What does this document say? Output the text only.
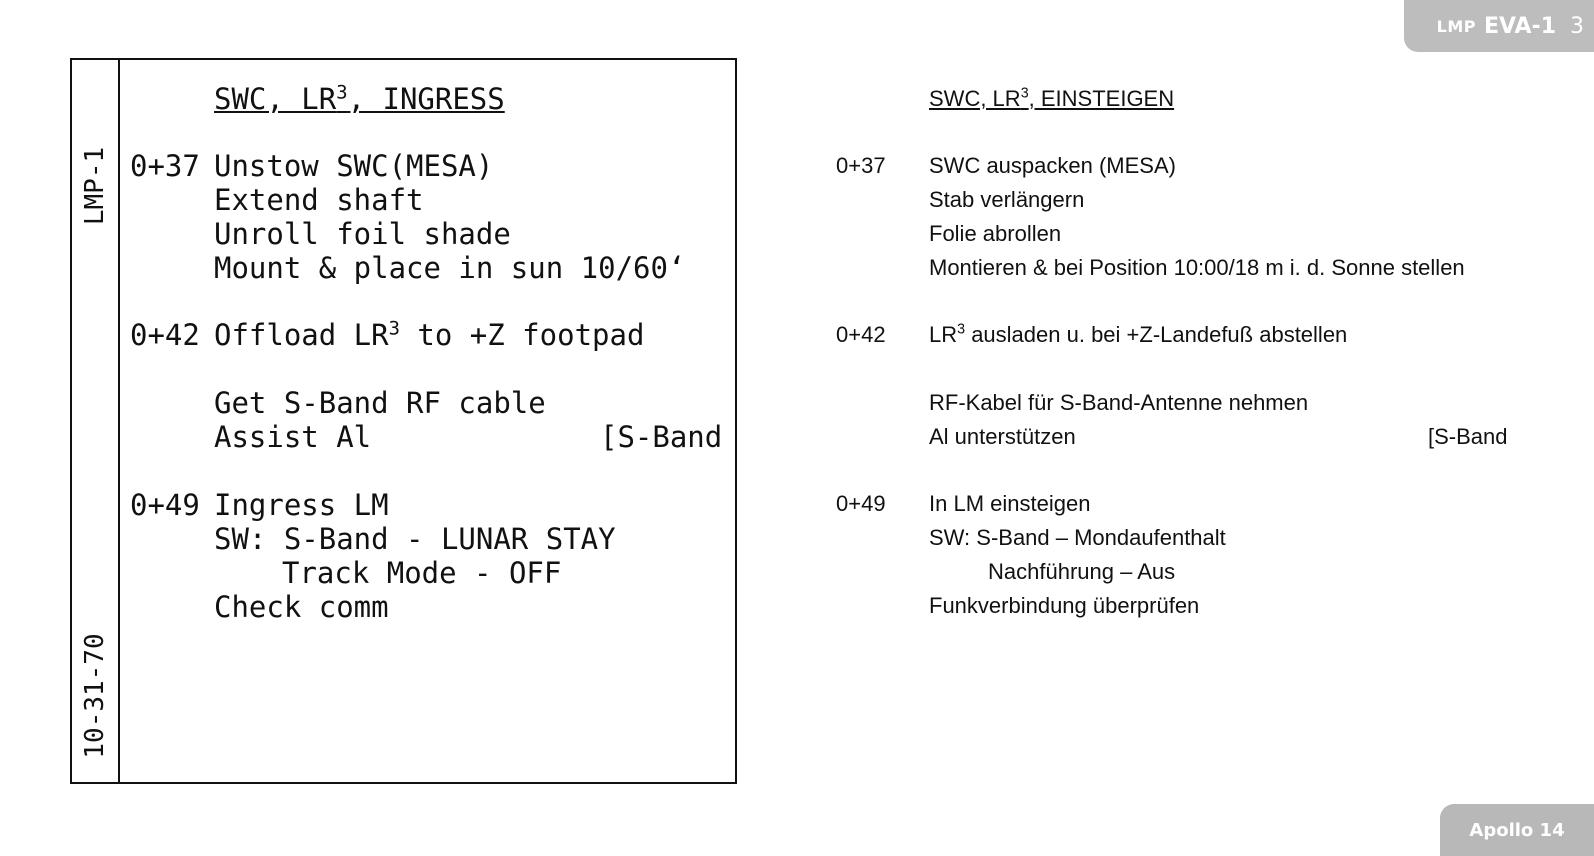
LMP EVA-1 3
LMP-1
10-31-70
SWC, $LR^3$, INGRESS
0+37 Unstow SWC(MESA)
Extend shaft
Unroll foil shade
Mount & place in sun 10/60‘
0+42 Offload $LR^3$ to +Z footpad
Get S-Band RF cable
Assist Al	[S-Band
0+49 Ingress LM
SW: S-Band - LUNAR STAY
Track Mode - OFF
Check comm
SWC, $LR^3$, EINSTEIGEN
0+37 SWC auspacken (MESA)
Stab verlängern
Folie abrollen
Montieren & bei Position 10:00/18 m i. d. Sonne stellen
0+42 $LR^3$ ausladen u. bei +Z-Landefuß abstellen
RF-Kabel für S-Band-Antenne nehmen
Al unterstützen	[S-Band
0+49 In LM einsteigen
SW: S-Band – Mondaufenthalt
Nachführung – Aus
Funkverbindung überprüfen
Apollo 14
